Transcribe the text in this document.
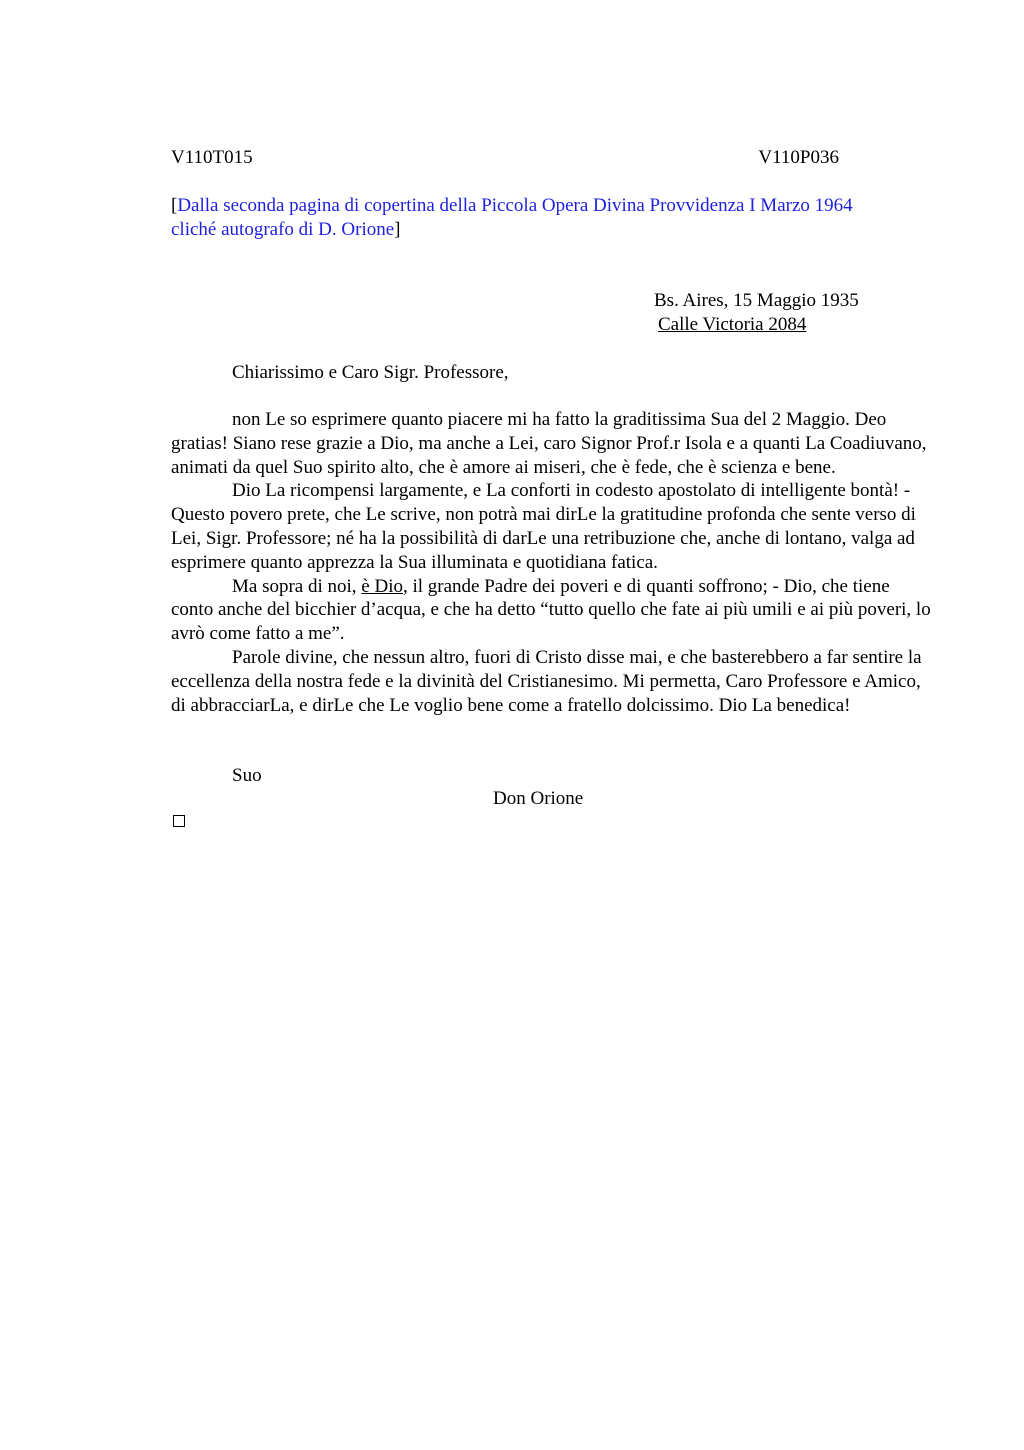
V110T015	V110P036
[Dalla seconda pagina di copertina della Piccola Opera Divina Provvidenza I Marzo 1964
cliché autografo di D. Orione]
Bs. Aires, 15 Maggio 1935
Calle Victoria 2084
Chiarissimo e Caro Sigr. Professore,

non Le so esprimere quanto piacere mi ha fatto la graditissima Sua del 2 Maggio. Deo gratias! Siano rese grazie a Dio, ma anche a Lei, caro Signor Prof.r Isola e a quanti La Coadiuvano, animati da quel Suo spirito alto, che è amore ai miseri, che è fede, che è scienza e bene.

Dio La ricompensi largamente, e La conforti in codesto apostolato di intelligente bontà! - Questo povero prete, che Le scrive, non potrà mai dirLe la gratitudine profonda che sente verso di Lei, Sigr. Professore; né ha la possibilità di darLe una retribuzione che, anche di lontano, valga ad esprimere quanto apprezza la Sua illuminata e quotidiana fatica.

Ma sopra di noi, è Dio, il grande Padre dei poveri e di quanti soffrono; - Dio, che tiene conto anche del bicchier d’acqua, e che ha detto “tutto quello che fate ai più umili e ai più poveri, lo avrò come fatto a me”.

Parole divine, che nessun altro, fuori di Cristo disse mai, e che basterebbero a far sentire la eccellenza della nostra fede e la divinità del Cristianesimo. Mi permetta, Caro Professore e Amico, di abbracciarLa, e dirLe che Le voglio bene come a fratello dolcissimo. Dio La benedica!

Suo
Don Orione
